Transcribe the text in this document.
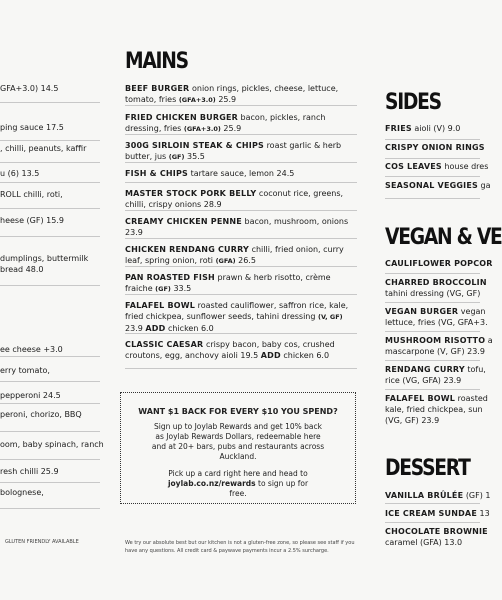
GFA+3.0) 14.5
ping sauce 17.5
, chilli, peanuts, kaffir
u (6) 13.5
ROLL chilli, roti,
heese (GF) 15.9
dumplings, buttermilk
bread 48.0
ee cheese +3.0
erry tomato,
pepperoni 24.5
peroni, chorizo, BBQ
oom, baby spinach, ranch
resh chilli 25.9
bolognese,
GLUTEN FRIENDLY AVAILABLE
MAINS
BEEF BURGER onion rings, pickles, cheese, lettuce, tomato, fries (GFA+3.0) 25.9
FRIED CHICKEN BURGER bacon, pickles, ranch dressing, fries (GFA+3.0) 25.9
300G SIRLOIN STEAK & CHIPS roast garlic & herb butter, jus (GF) 35.5
FISH & CHIPS tartare sauce, lemon 24.5
MASTER STOCK PORK BELLY coconut rice, greens, chilli, crispy onions 28.9
CREAMY CHICKEN PENNE bacon, mushroom, onions 23.9
CHICKEN RENDANG CURRY chilli, fried onion, curry leaf, spring onion, roti (GFA) 26.5
PAN ROASTED FISH prawn & herb risotto, crème fraiche (GF) 33.5
FALAFEL BOWL roasted cauliflower, saffron rice, kale, fried chickpea, sunflower seeds, tahini dressing (V, GF) 23.9 ADD chicken 6.0
CLASSIC CAESAR crispy bacon, baby cos, crushed croutons, egg, anchovy aioli 19.5 ADD chicken 6.0
WANT $1 BACK FOR EVERY $10 YOU SPEND?
Sign up to Joylab Rewards and get 10% back as Joylab Rewards Dollars, redeemable here and at 20+ bars, pubs and restaurants across Auckland.
Pick up a card right here and head to joylab.co.nz/rewards to sign up for free.
We try our absolute best but our kitchen is not a gluten-free zone, so please see staff if you have any questions. All credit card & paywave payments incur a 2.5% surcharge.
SIDES
FRIES aioli (V) 9.0
CRISPY ONION RINGS
COS LEAVES house dres
SEASONAL VEGGIES ga
VEGAN & VE
CAULIFLOWER POPCOR
CHARRED BROCCOLIN
tahini dressing (VG, GF)
VEGAN BURGER vegan
lettuce, fries (VG, GFA+3.
MUSHROOM RISOTTO a
mascarpone (V, GF) 23.9
RENDANG CURRY tofu,
rice (VG, GFA) 23.9
FALAFEL BOWL roasted
kale, fried chickpea, sun
(VG, GF) 23.9
DESSERT
VANILLA BRÛLÉE (GF) 1
ICE CREAM SUNDAE 13
CHOCOLATE BROWNIE
caramel (GFA) 13.0
